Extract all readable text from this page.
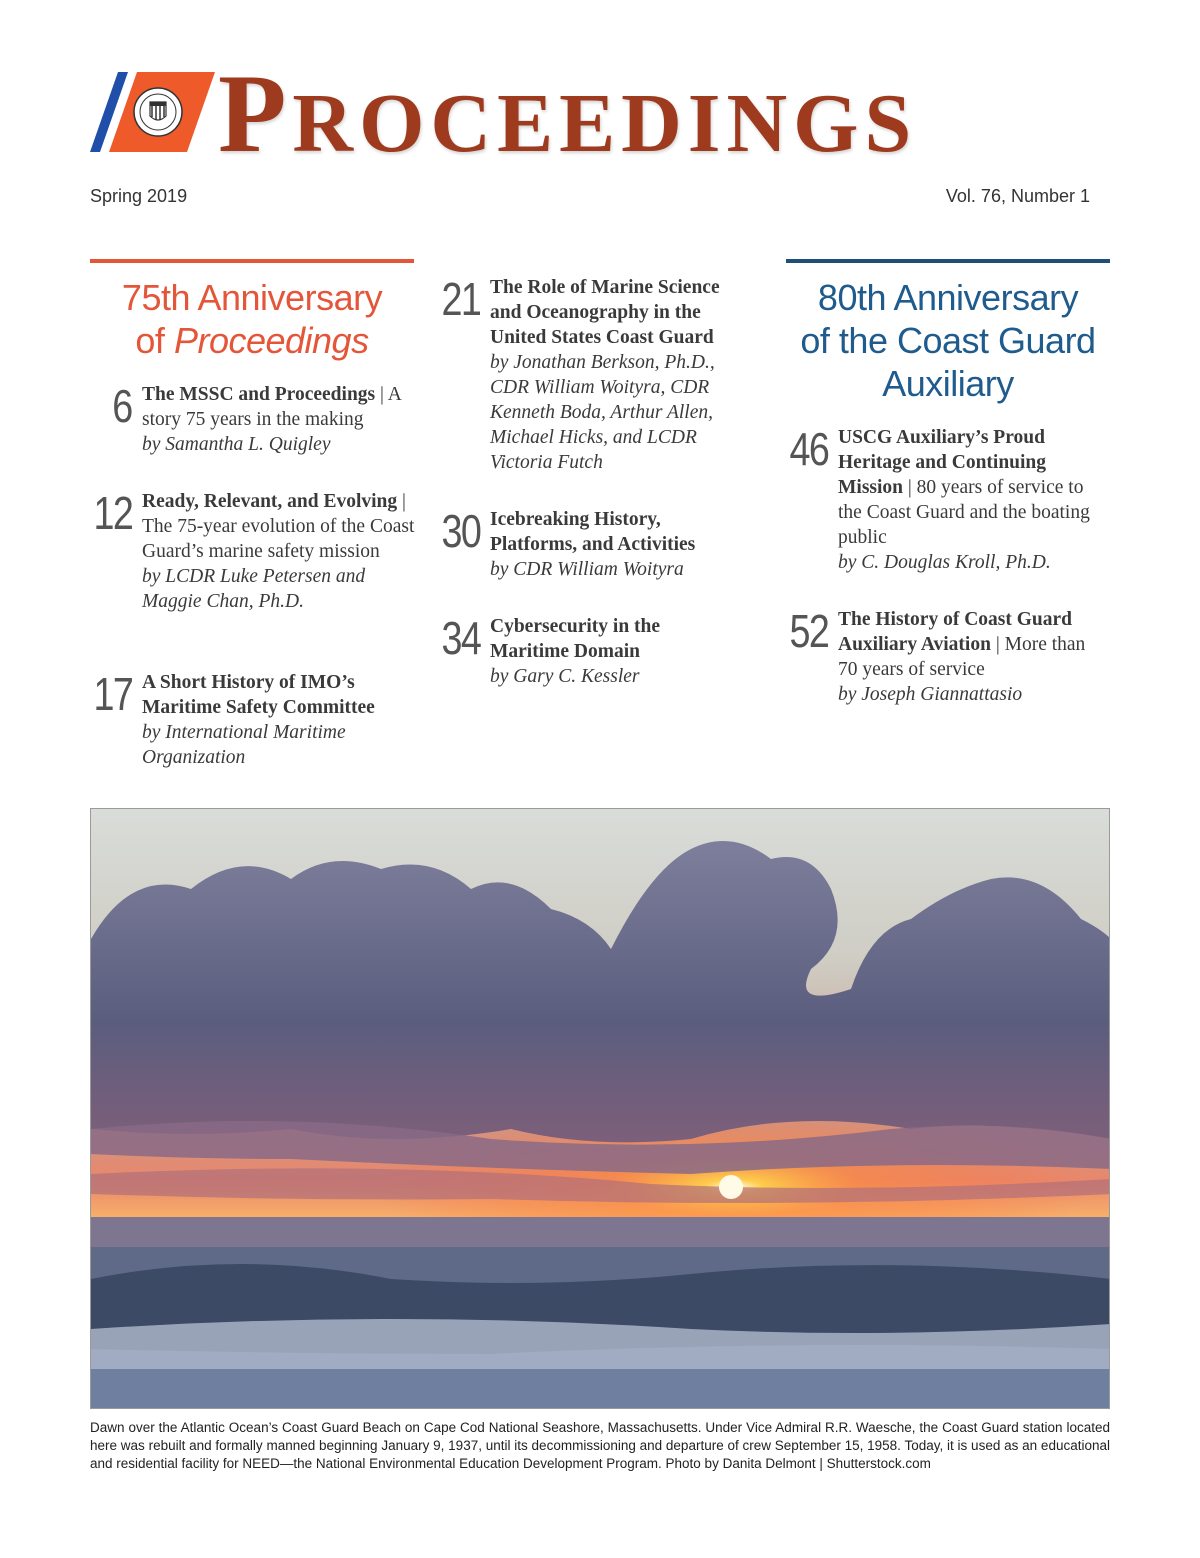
PROCEEDINGS
Spring 2019	Vol. 76, Number 1
75th Anniversary
of Proceedings
80th Anniversary
of the Coast Guard
Auxiliary
6 The MSSC and Proceedings | A story 75 years in the making
by Samantha L. Quigley
12 Ready, Relevant, and Evolving | The 75-year evolution of the Coast Guard’s marine safety mission
by LCDR Luke Petersen and Maggie Chan, Ph.D.
17 A Short History of IMO’s Maritime Safety Committee
by International Maritime Organization
21 The Role of Marine Science and Oceanography in the United States Coast Guard
by Jonathan Berkson, Ph.D., CDR William Woityra, CDR Kenneth Boda, Arthur Allen, Michael Hicks, and LCDR Victoria Futch
30 Icebreaking History, Platforms, and Activities
by CDR William Woityra
34 Cybersecurity in the Maritime Domain
by Gary C. Kessler
46 USCG Auxiliary’s Proud Heritage and Continuing Mission | 80 years of service to the Coast Guard and the boating public
by C. Douglas Kroll, Ph.D.
52 The History of Coast Guard Auxiliary Aviation | More than 70 years of service
by Joseph Giannattasio
Dawn over the Atlantic Ocean’s Coast Guard Beach on Cape Cod National Seashore, Massachusetts. Under Vice Admiral R.R. Waesche, the Coast Guard station located here was rebuilt and formally manned beginning January 9, 1937, until its decommissioning and departure of crew September 15, 1958. Today, it is used as an educational and residential facility for NEED—the National Environmental Education Development Program. Photo by Danita Delmont | Shutterstock.com
